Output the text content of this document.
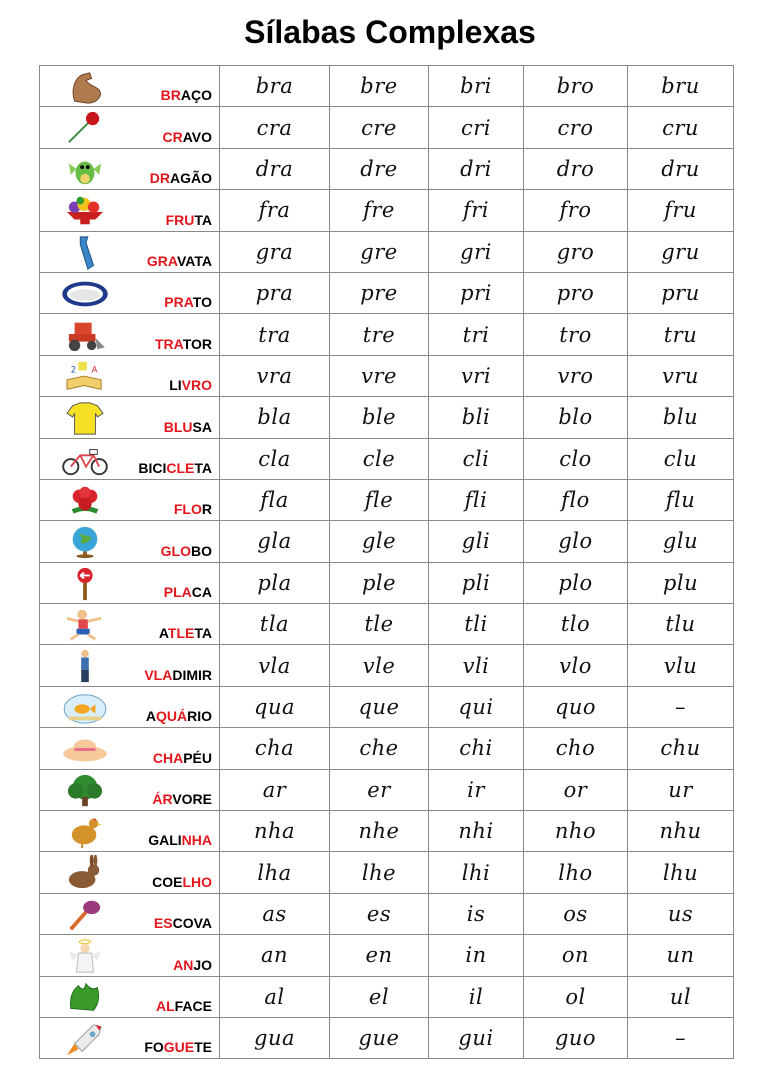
Sílabas Complexas
BRAÇO	bra	bre	bri	bro	bru

CRAVO	cra	cre	cri	cro	cru

DRAGÃO	dra	dre	dri	dro	dru

FRUTA	fra	fre	fri	fro	fru

GRAVATA	gra	gre	gri	gro	gru

PRATO	pra	pre	pri	pro	pru

TRATOR	tra	tre	tri	tro	tru

2 A
LIVRO	vra	vre	vri	vro	vru

BLUSA	bla	ble	bli	blo	blu

BICICLETA	cla	cle	cli	clo	clu

FLOR	fla	fle	fli	flo	flu

GLOBO	gla	gle	gli	glo	glu

PLACA	pla	ple	pli	plo	plu

ATLETA	tla	tle	tli	tlo	tlu

VLADIMIR	vla	vle	vli	vlo	vlu

AQUÁRIO	qua	que	qui	quo	–

CHAPÉU	cha	che	chi	cho	chu

ÁRVORE	ar	er	ir	or	ur

GALINHA	nha	nhe	nhi	nho	nhu

COELHO	lha	lhe	lhi	lho	lhu

ESCOVA	as	es	is	os	us

ANJO	an	en	in	on	un

ALFACE	al	el	il	ol	ul

FOGUETE	gua	gue	gui	guo	–
